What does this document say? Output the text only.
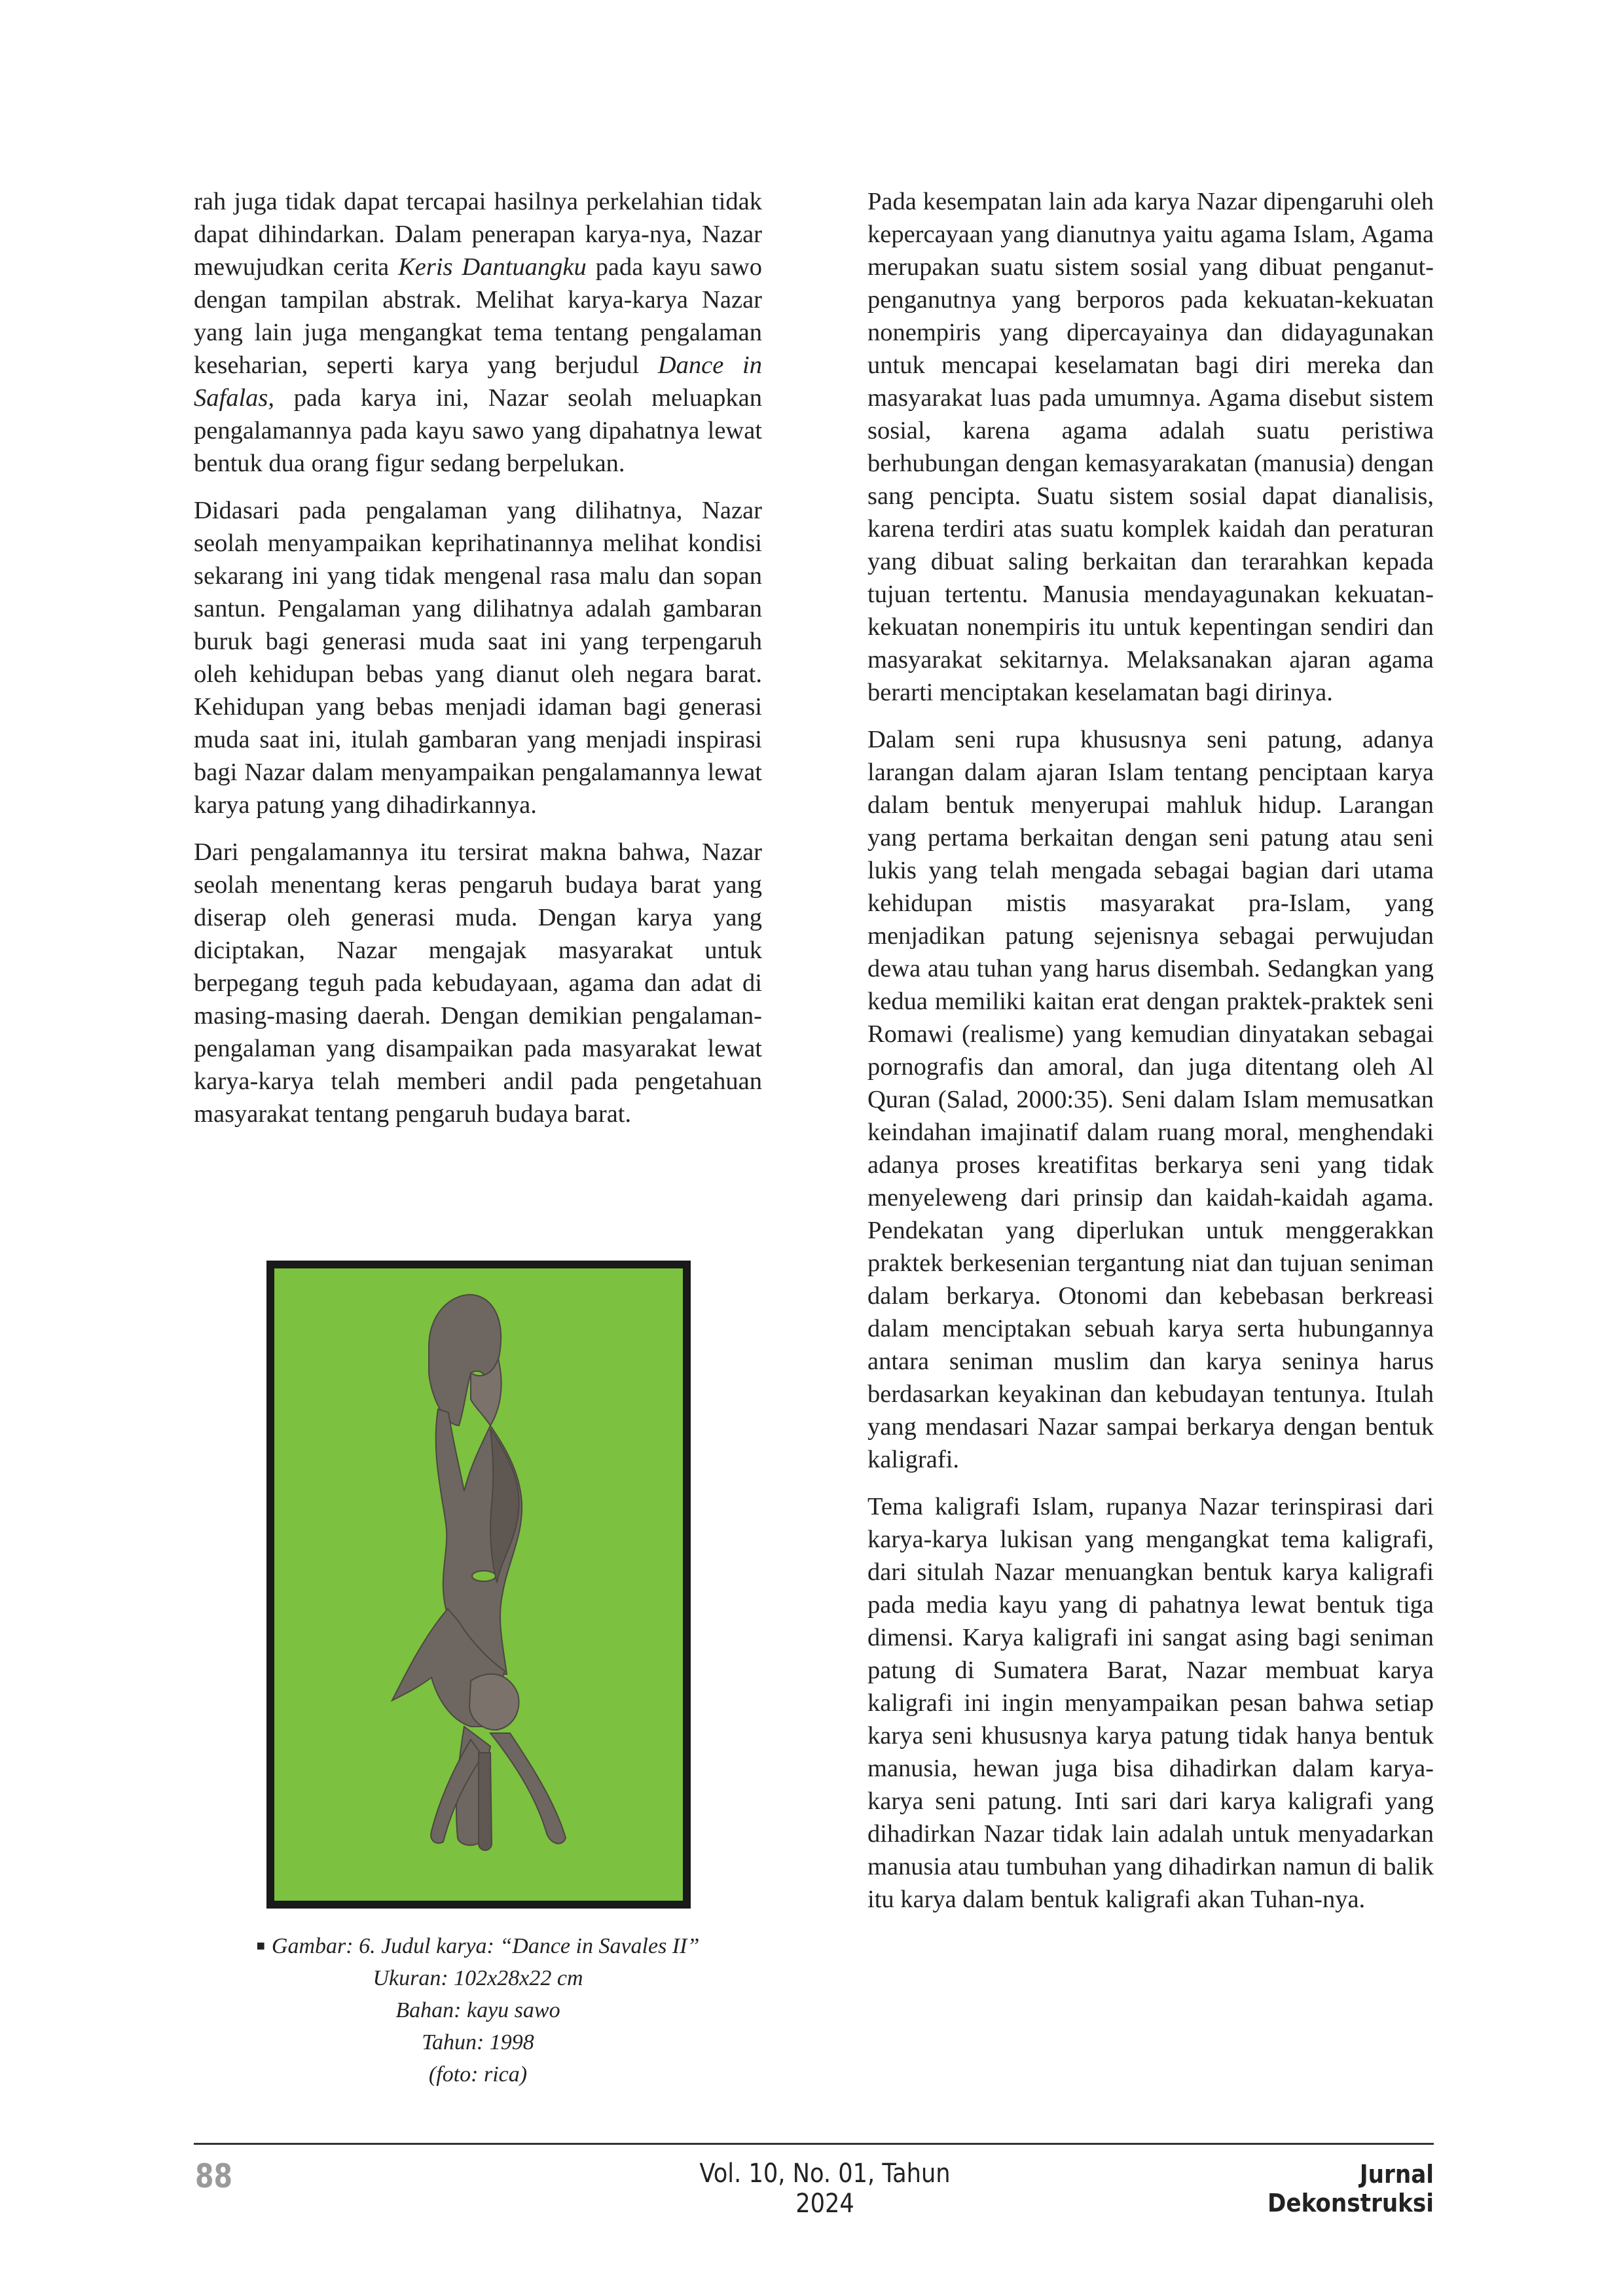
rah juga tidak dapat tercapai hasilnya perkelahian tidak dapat dihindarkan. Dalam penerapan karya-nya, Nazar mewujudkan cerita Keris Dantuangku pada kayu sawo dengan tampilan abstrak. Melihat karya-karya Nazar yang lain juga mengangkat tema tentang pengalaman keseharian, seperti karya yang berjudul Dance in Safalas, pada karya ini, Nazar seolah meluapkan pengalamannya pada kayu sawo yang dipahatnya lewat bentuk dua orang figur sedang berpelukan.

Didasari pada pengalaman yang dilihatnya, Nazar seolah menyampaikan keprihatinannya melihat kondisi sekarang ini yang tidak mengenal rasa malu dan sopan santun. Pengalaman yang dilihatnya adalah gambaran buruk bagi generasi muda saat ini yang terpengaruh oleh kehidupan bebas yang dianut oleh negara barat. Kehidupan yang bebas menjadi idaman bagi generasi muda saat ini, itulah gambaran yang menjadi inspirasi bagi Nazar dalam menyampaikan pengalamannya lewat karya patung yang dihadirkannya.

Dari pengalamannya itu tersirat makna bahwa, Nazar seolah menentang keras pengaruh budaya barat yang diserap oleh generasi muda. Dengan karya yang diciptakan, Nazar mengajak masyarakat untuk berpegang teguh pada kebudayaan, agama dan adat di masing-masing daerah. Dengan demikian pengalaman-pengalaman yang disampaikan pada masyarakat lewat karya-karya telah memberi andil pada pengetahuan masyarakat tentang pengaruh budaya barat.

■ Gambar: 6. Judul karya: “Dance in Savales II”
Ukuran: 102x28x22 cm
Bahan: kayu sawo
Tahun: 1998
(foto: rica)

Pada kesempatan lain ada karya Nazar dipengaruhi oleh kepercayaan yang dianutnya yaitu agama Islam, Agama merupakan suatu sistem sosial yang dibuat penganut-penganutnya yang berporos pada kekuatan-kekuatan nonempiris yang dipercayainya dan didayagunakan untuk mencapai keselamatan bagi diri mereka dan masyarakat luas pada umumnya. Agama disebut sistem sosial, karena agama adalah suatu peristiwa berhubungan dengan kemasyarakatan (manusia) dengan sang pencipta. Suatu sistem sosial dapat dianalisis, karena terdiri atas suatu komplek kaidah dan peraturan yang dibuat saling berkaitan dan terarahkan kepada tujuan tertentu. Manusia mendayagunakan kekuatan-kekuatan nonempiris itu untuk kepentingan sendiri dan masyarakat sekitarnya. Melaksanakan ajaran agama berarti menciptakan keselamatan bagi dirinya.

Dalam seni rupa khususnya seni patung, adanya larangan dalam ajaran Islam tentang penciptaan karya dalam bentuk menyerupai mahluk hidup. Larangan yang pertama berkaitan dengan seni patung atau seni lukis yang telah mengada sebagai bagian dari utama kehidupan mistis masyarakat pra-Islam, yang menjadikan patung sejenisnya sebagai perwujudan dewa atau tuhan yang harus disembah. Sedangkan yang kedua memiliki kaitan erat dengan praktek-praktek seni Romawi (realisme) yang kemudian dinyatakan sebagai pornografis dan amoral, dan juga ditentang oleh Al Quran (Salad, 2000:35). Seni dalam Islam memusatkan keindahan imajinatif dalam ruang moral, menghendaki adanya proses kreatifitas berkarya seni yang tidak menyeleweng dari prinsip dan kaidah-kaidah agama. Pendekatan yang diperlukan untuk menggerakkan praktek berkesenian tergantung niat dan tujuan seniman dalam berkarya. Otonomi dan kebebasan berkreasi dalam menciptakan sebuah karya serta hubungannya antara seniman muslim dan karya seninya harus berdasarkan keyakinan dan kebudayan tentunya. Itulah yang mendasari Nazar sampai berkarya dengan bentuk kaligrafi.

Tema kaligrafi Islam, rupanya Nazar terinspirasi dari karya-karya lukisan yang mengangkat tema kaligrafi, dari situlah Nazar menuangkan bentuk karya kaligrafi pada media kayu yang di pahatnya lewat bentuk tiga dimensi. Karya kaligrafi ini sangat asing bagi seniman patung di Sumatera Barat, Nazar membuat karya kaligrafi ini ingin menyampaikan pesan bahwa setiap karya seni khususnya karya patung tidak hanya bentuk manusia, hewan juga bisa dihadirkan dalam karya-karya seni patung. Inti sari dari karya kaligrafi yang dihadirkan Nazar tidak lain adalah untuk menyadarkan manusia atau tumbuhan yang dihadirkan namun di balik itu karya dalam bentuk kaligrafi akan Tuhan-nya.

88	Vol. 10, No. 01, Tahun 2024
Jurnal Dekonstruksi
